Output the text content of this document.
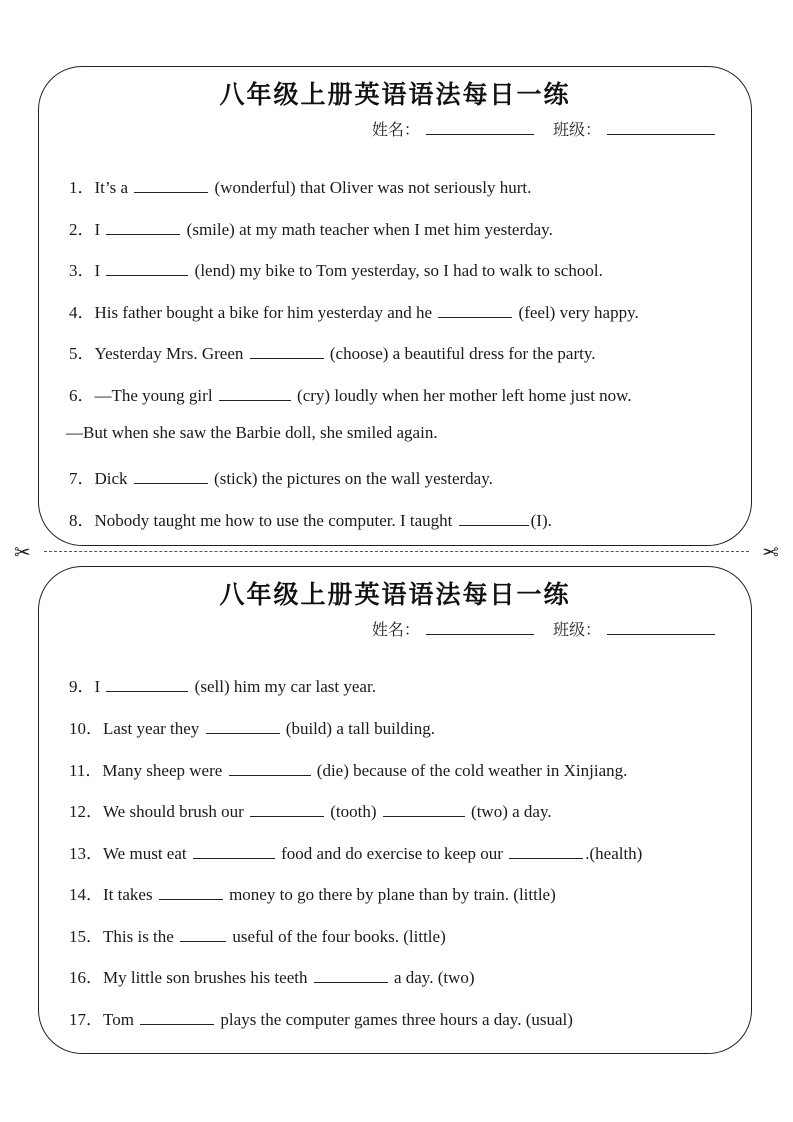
八年级上册英语语法每日一练
姓名：	班级：
1．It’s a	(wonderful) that Oliver was not seriously hurt.
2．I	(smile) at my math teacher when I met him yesterday.
3．I	(lend) my bike to Tom yesterday, so I had to walk to school.
4．His father bought a bike for him yesterday and he	(feel) very happy.
5．Yesterday Mrs. Green	(choose) a beautiful dress for the party.
6．—The young girl	(cry) loudly when her mother left home just now.
—But when she saw the Barbie doll, she smiled again.
7．Dick	(stick) the pictures on the wall yesterday.
8．Nobody taught me how to use the computer. I taught	(I).
✂	✂
八年级上册英语语法每日一练
姓名：	班级：
9．I	(sell) him my car last year.
10．Last year they	(build) a tall building.
11．Many sheep were	(die) because of the cold weather in Xinjiang.
12．We should brush our	(tooth)	(two) a day.
13．We must eat	food and do exercise to keep our	.(health)
14．It takes	money to go there by plane than by train. (little)
15．This is the	useful of the four books. (little)
16．My little son brushes his teeth	a day. (two)
17．Tom	plays the computer games three hours a day. (usual)
